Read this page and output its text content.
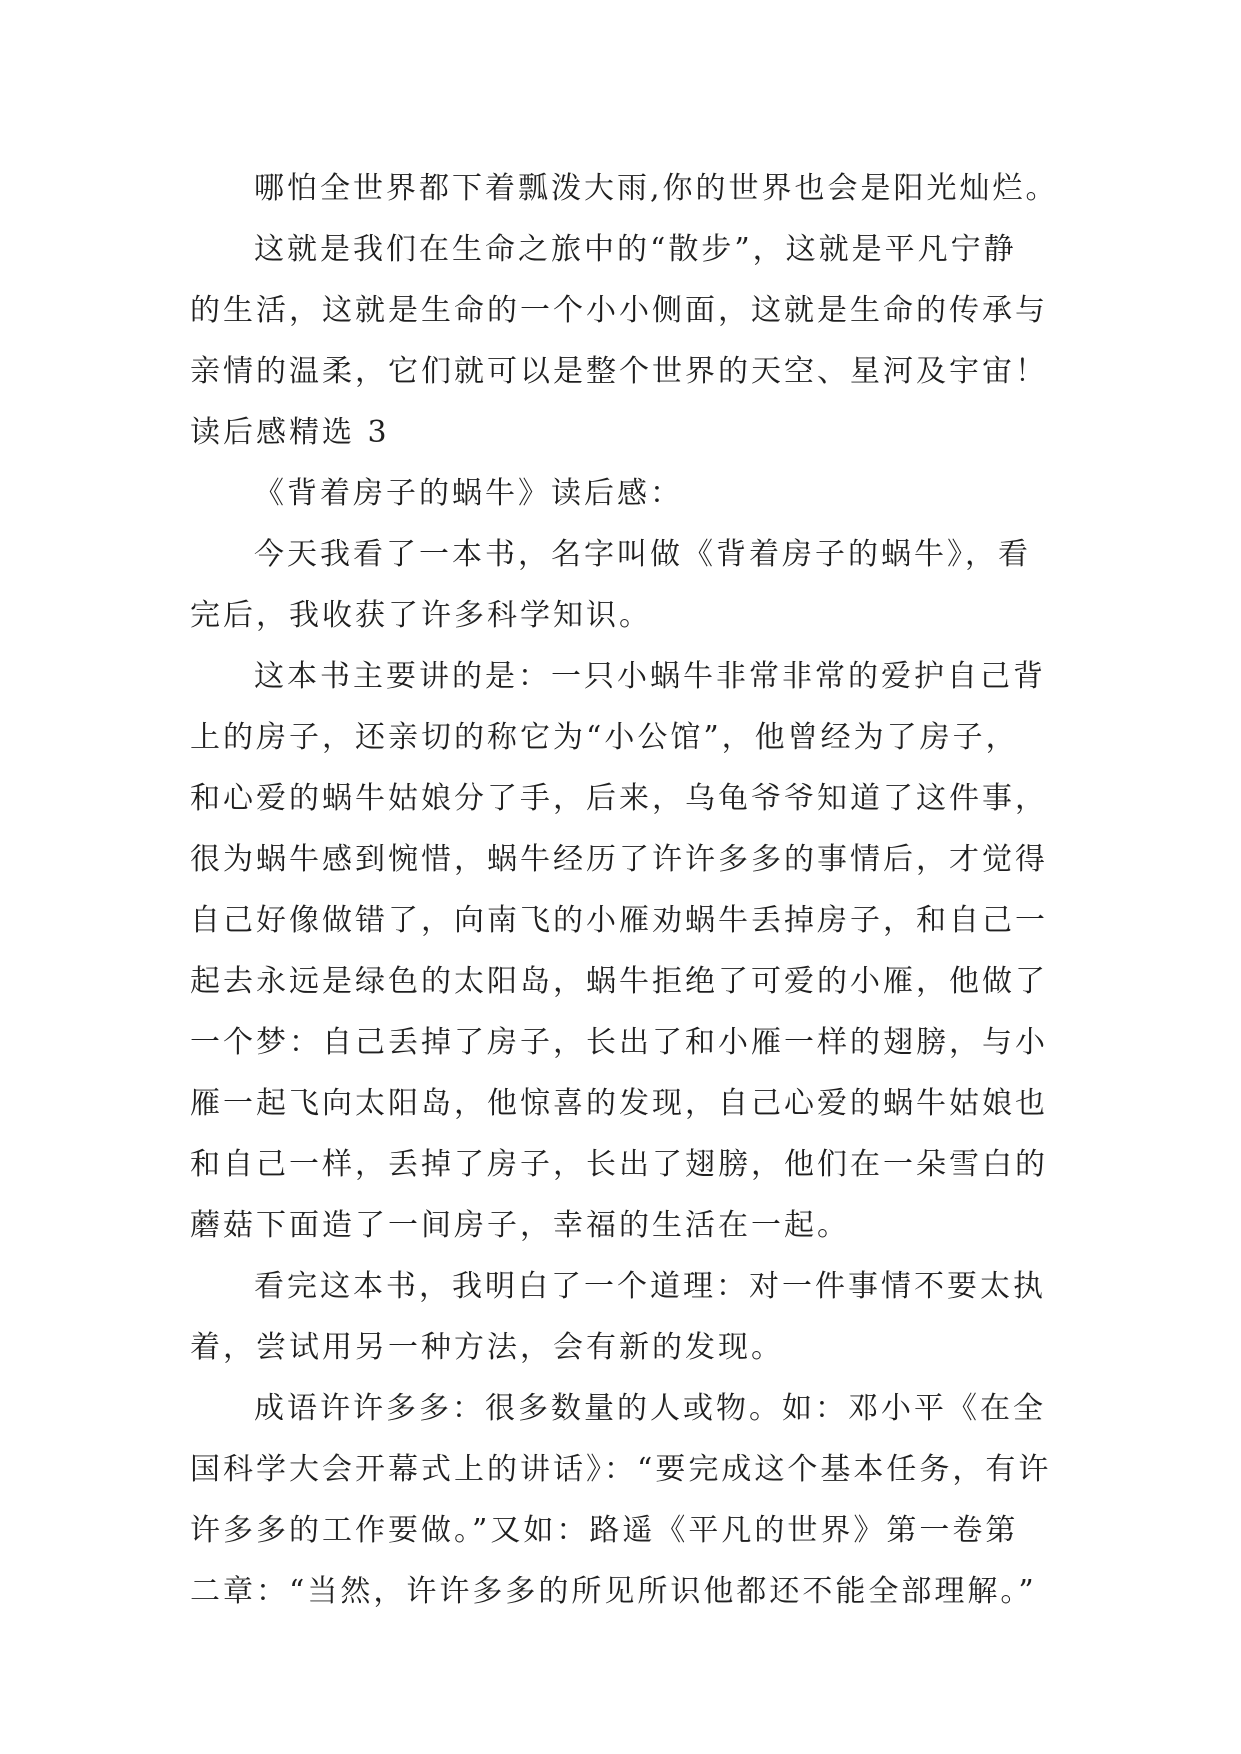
哪怕全世界都下着瓢泼大雨,你的世界也会是阳光灿烂。

这就是我们在生命之旅中的“散步”，这就是平凡宁静
的生活，这就是生命的一个小小侧面，这就是生命的传承与
亲情的温柔，它们就可以是整个世界的天空、星河及宇宙！

读后感精选 3

《背着房子的蜗牛》读后感：

今天我看了一本书，名字叫做《背着房子的蜗牛》，看
完后，我收获了许多科学知识。

这本书主要讲的是：一只小蜗牛非常非常的爱护自己背
上的房子，还亲切的称它为“小公馆”，他曾经为了房子，
和心爱的蜗牛姑娘分了手，后来，乌龟爷爷知道了这件事，
很为蜗牛感到惋惜，蜗牛经历了许许多多的事情后，才觉得
自己好像做错了，向南飞的小雁劝蜗牛丢掉房子，和自己一
起去永远是绿色的太阳岛，蜗牛拒绝了可爱的小雁，他做了
一个梦：自己丢掉了房子，长出了和小雁一样的翅膀，与小
雁一起飞向太阳岛，他惊喜的发现，自己心爱的蜗牛姑娘也
和自己一样，丢掉了房子，长出了翅膀，他们在一朵雪白的
蘑菇下面造了一间房子，幸福的生活在一起。

看完这本书，我明白了一个道理：对一件事情不要太执
着，尝试用另一种方法，会有新的发现。

成语许许多多：很多数量的人或物。如：邓小平《在全
国科学大会开幕式上的讲话》：“要完成这个基本任务，有许
许多多的工作要做。”又如：路遥《平凡的世界》第一卷第
二章：“当然，许许多多的所见所识他都还不能全部理解。”
